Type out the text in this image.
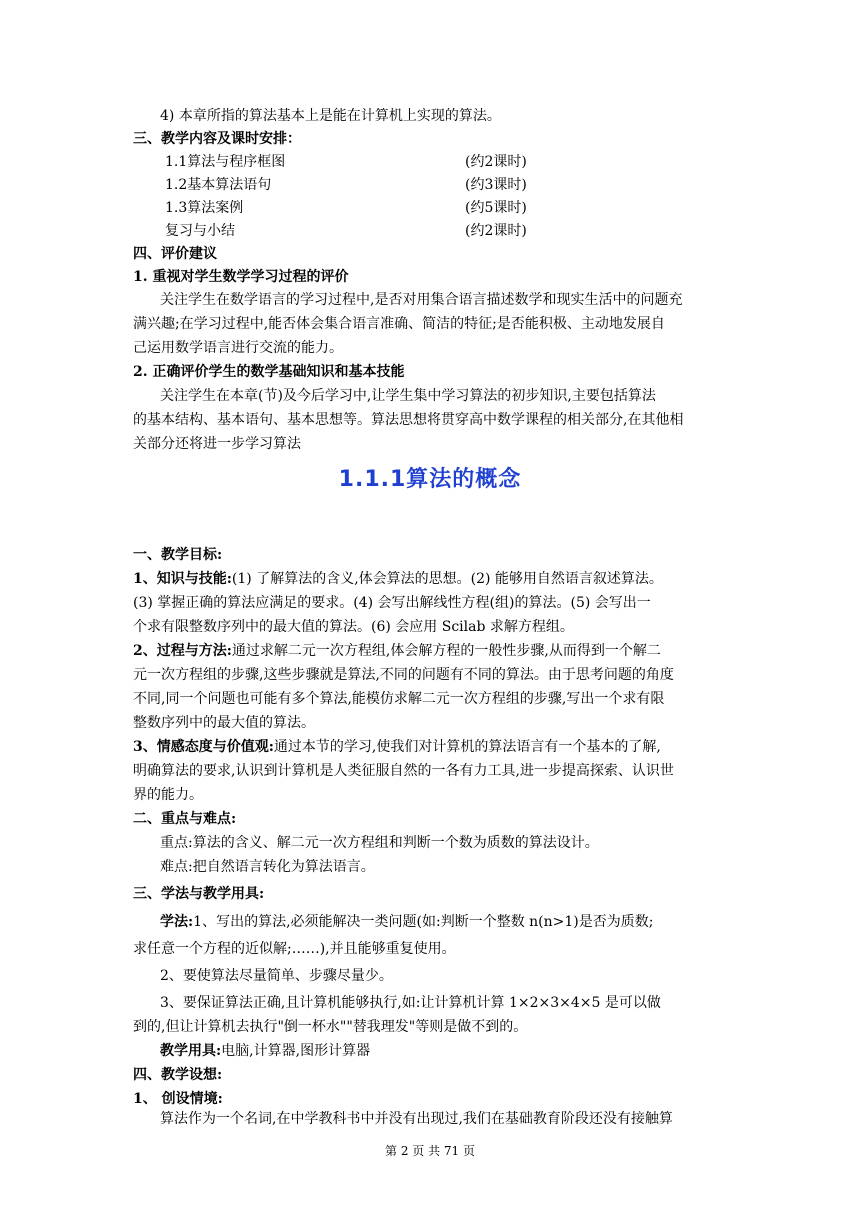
4) 本章所指的算法基本上是能在计算机上实现的算法。
三、教学内容及课时安排：
1.1算法与程序框图	(约2课时)
1.2基本算法语句	(约3课时)
1.3算法案例	(约5课时)
复习与小结	(约2课时)
四、评价建议
1. 重视对学生数学学习过程的评价
关注学生在数学语言的学习过程中,是否对用集合语言描述数学和现实生活中的问题充
满兴趣;在学习过程中,能否体会集合语言准确、简洁的特征;是否能积极、主动地发展自
己运用数学语言进行交流的能力。
2. 正确评价学生的数学基础知识和基本技能
关注学生在本章(节)及今后学习中,让学生集中学习算法的初步知识,主要包括算法
的基本结构、基本语句、基本思想等。算法思想将贯穿高中数学课程的相关部分,在其他相
关部分还将进一步学习算法
1.1.1算法的概念
一、教学目标:
1、知识与技能:(1) 了解算法的含义,体会算法的思想。(2) 能够用自然语言叙述算法。
(3) 掌握正确的算法应满足的要求。(4) 会写出解线性方程(组)的算法。(5) 会写出一
个求有限整数序列中的最大值的算法。(6) 会应用 Scilab 求解方程组。
2、过程与方法:通过求解二元一次方程组,体会解方程的一般性步骤,从而得到一个解二
元一次方程组的步骤,这些步骤就是算法,不同的问题有不同的算法。由于思考问题的角度
不同,同一个问题也可能有多个算法,能模仿求解二元一次方程组的步骤,写出一个求有限
整数序列中的最大值的算法。
3、情感态度与价值观:通过本节的学习,使我们对计算机的算法语言有一个基本的了解,
明确算法的要求,认识到计算机是人类征服自然的一各有力工具,进一步提高探索、认识世
界的能力。
二、重点与难点:
重点:算法的含义、解二元一次方程组和判断一个数为质数的算法设计。
难点:把自然语言转化为算法语言。
三、学法与教学用具:
学法:1、写出的算法,必须能解决一类问题(如:判断一个整数 n(n>1)是否为质数;
求任意一个方程的近似解;……),并且能够重复使用。
2、要使算法尽量简单、步骤尽量少。
3、要保证算法正确,且计算机能够执行,如:让计算机计算 1×2×3×4×5 是可以做
到的,但让计算机去执行"倒一杯水""替我理发"等则是做不到的。
教学用具:电脑,计算器,图形计算器
四、教学设想:
1、 创设情境:
算法作为一个名词,在中学教科书中并没有出现过,我们在基础教育阶段还没有接触算
第 2 页 共 71 页
